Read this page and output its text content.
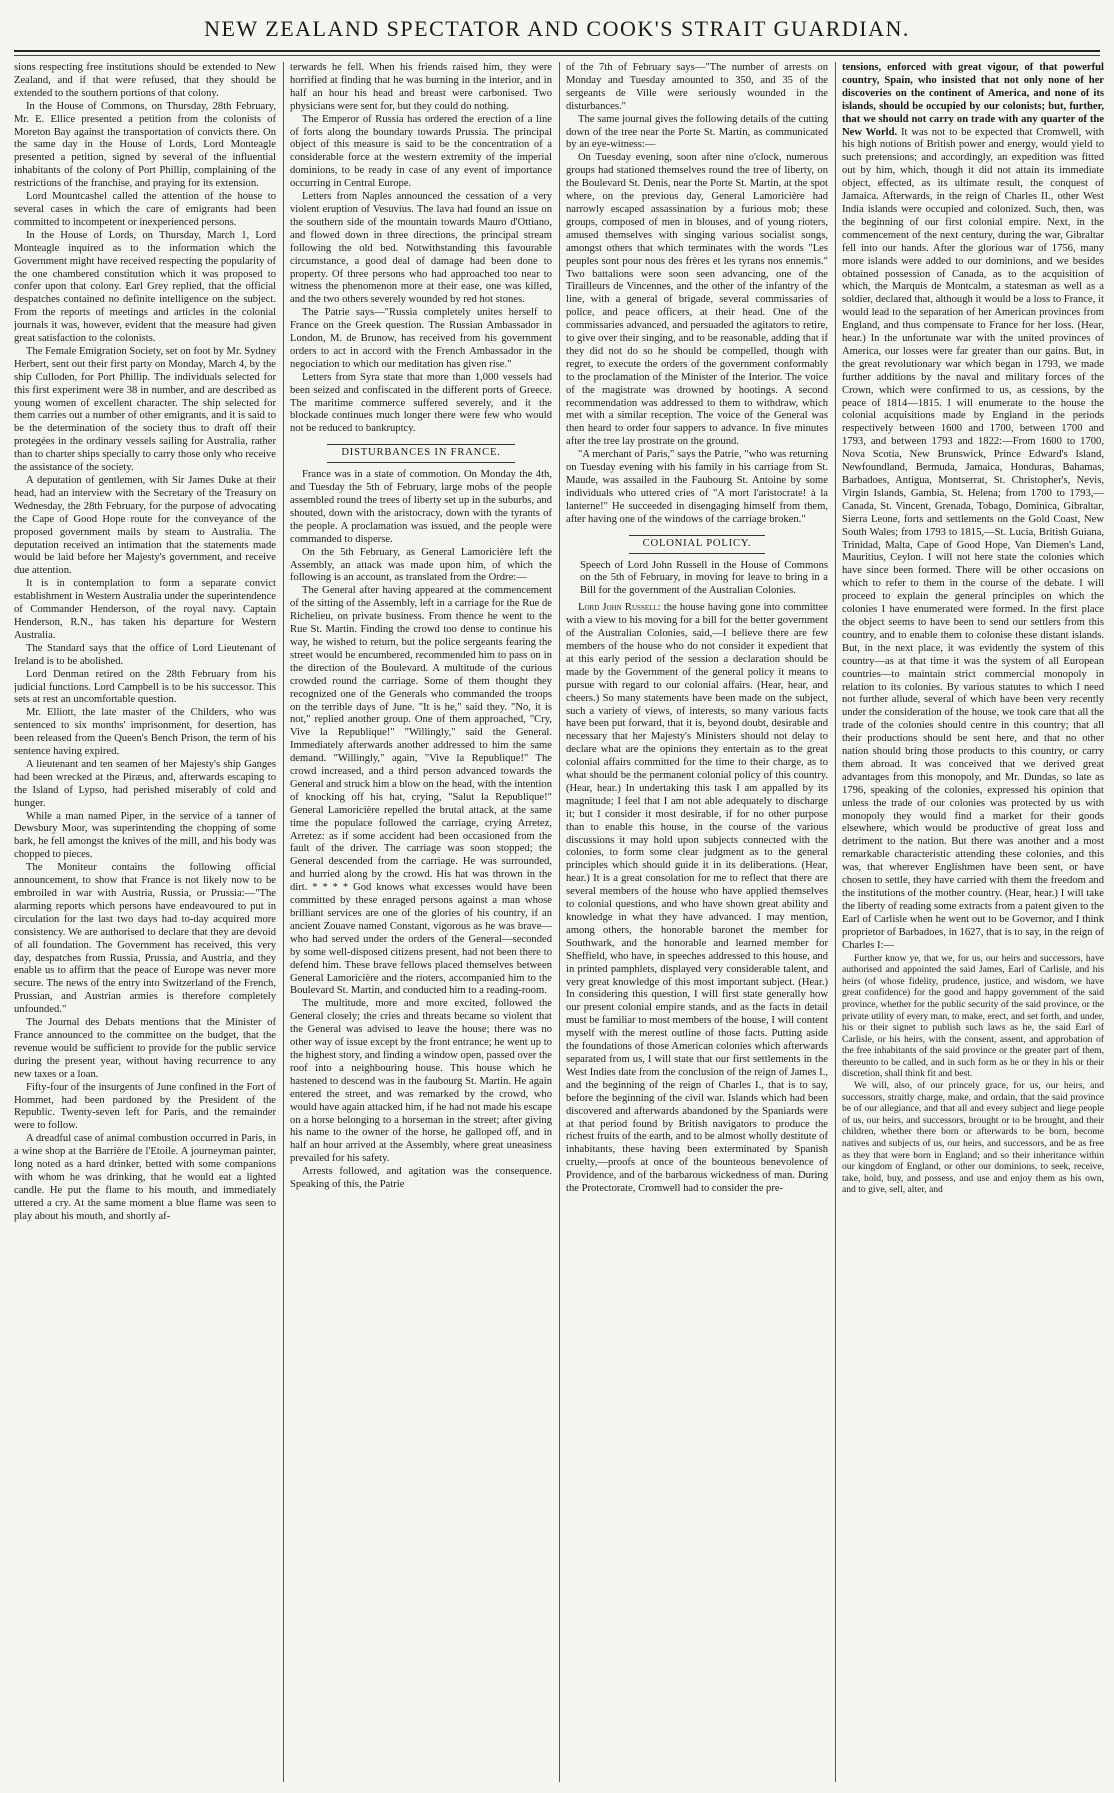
NEW ZEALAND SPECTATOR AND COOK'S STRAIT GUARDIAN.

sions respecting free institutions should be extended to New Zealand, and if that were refused, that they should be extended to the southern portions of that colony.

In the House of Commons, on Thursday, 28th February, Mr. E. Ellice presented a petition from the colonists of Moreton Bay against the transportation of convicts there. On the same day in the House of Lords, Lord Monteagle presented a petition, signed by several of the influential inhabitants of the colony of Port Phillip, complaining of the restrictions of the franchise, and praying for its extension.

Lord Mountcashel called the attention of the house to several cases in which the care of emigrants had been committed to incompetent or inexperienced persons.

In the House of Lords, on Thursday, March 1, Lord Monteagle inquired as to the information which the Government might have received respecting the popularity of the one chambered constitution which it was proposed to confer upon that colony. Earl Grey replied, that the official despatches contained no definite intelligence on the subject. From the reports of meetings and articles in the colonial journals it was, however, evident that the measure had given great satisfaction to the colonists.

The Female Emigration Society, set on foot by Mr. Sydney Herbert, sent out their first party on Monday, March 4, by the ship Culloden, for Port Phillip. The individuals selected for this first experiment were 38 in number, and are described as young women of excellent character. The ship selected for them carries out a number of other emigrants, and it is said to be the determination of the society thus to draft off their protegées in the ordinary vessels sailing for Australia, rather than to charter ships specially to carry those only who receive the assistance of the society.

A deputation of gentlemen, with Sir James Duke at their head, had an interview with the Secretary of the Treasury on Wednesday, the 28th February, for the purpose of advocating the Cape of Good Hope route for the conveyance of the proposed government mails by steam to Australia. The deputation received an intimation that the statements made would be laid before her Majesty's government, and receive due attention.

It is in contemplation to form a separate convict establishment in Western Australia under the superintendence of Commander Henderson, of the royal navy. Captain Henderson, R.N., has taken his departure for Western Australia.

The Standard says that the office of Lord Lieutenant of Ireland is to be abolished.

Lord Denman retired on the 28th February from his judicial functions. Lord Campbell is to be his successor. This sets at rest an uncomfortable question.

Mr. Elliott, the late master of the Childers, who was sentenced to six months' imprisonment, for desertion, has been released from the Queen's Bench Prison, the term of his sentence having expired.

A lieutenant and ten seamen of her Majesty's ship Ganges had been wrecked at the Piræus, and, afterwards escaping to the Island of Lypso, had perished miserably of cold and hunger.

While a man named Piper, in the service of a tanner of Dewsbury Moor, was superintending the chopping of some bark, he fell amongst the knives of the mill, and his body was chopped to pieces.

The Moniteur contains the following official announcement, to show that France is not likely now to be embroiled in war with Austria, Russia, or Prussia:—"The alarming reports which persons have endeavoured to put in circulation for the last two days had to-day acquired more consistency. We are authorised to declare that they are devoid of all foundation. The Government has received, this very day, despatches from Russia, Prussia, and Austria, and they enable us to affirm that the peace of Europe was never more secure. The news of the entry into Switzerland of the French, Prussian, and Austrian armies is therefore completely unfounded."

The Journal des Debats mentions that the Minister of France announced to the committee on the budget, that the revenue would be sufficient to provide for the public service during the present year, without having recurrence to any new taxes or a loan.

Fifty-four of the insurgents of June confined in the Fort of Hommet, had been pardoned by the President of the Republic. Twenty-seven left for Paris, and the remainder were to follow.

A dreadful case of animal combustion occurred in Paris, in a wine shop at the Barrière de l'Etoile. A journeyman painter, long noted as a hard drinker, betted with some companions with whom he was drinking, that he would eat a lighted candle. He put the flame to his mouth, and immediately uttered a cry. At the same moment a blue flame was seen to play about his mouth, and shortly af-

terwards he fell. When his friends raised him, they were horrified at finding that he was burning in the interior, and in half an hour his head and breast were carbonised. Two physicians were sent for, but they could do nothing.

The Emperor of Russia has ordered the erection of a line of forts along the boundary towards Prussia. The principal object of this measure is said to be the concentration of a considerable force at the western extremity of the imperial dominions, to be ready in case of any event of importance occurring in Central Europe.

Letters from Naples announced the cessation of a very violent eruption of Vesuvius. The lava had found an issue on the southern side of the mountain towards Mauro d'Ottiano, and flowed down in three directions, the principal stream following the old bed. Notwithstanding this favourable circumstance, a good deal of damage had been done to property. Of three persons who had approached too near to witness the phenomenon more at their ease, one was killed, and the two others severely wounded by red hot stones.

The Patrie says—"Russia completely unites herself to France on the Greek question. The Russian Ambassador in London, M. de Brunow, has received from his government orders to act in accord with the French Ambassador in the negociation to which our meditation has given rise."

Letters from Syra state that more than 1,000 vessels had been seized and confiscated in the different ports of Greece. The maritime commerce suffered severely, and it the blockade continues much longer there were few who would not be reduced to bankruptcy.

DISTURBANCES IN FRANCE.

France was in a state of commotion. On Monday the 4th, and Tuesday the 5th of February, large mobs of the people assembled round the trees of liberty set up in the suburbs, and shouted, down with the aristocracy, down with the tyrants of the people. A proclamation was issued, and the people were commanded to disperse.

On the 5th February, as General Lamoricière left the Assembly, an attack was made upon him, of which the following is an account, as translated from the Ordre:—

The General after having appeared at the commencement of the sitting of the Assembly, left in a carriage for the Rue de Richelieu, on private business. From thence he went to the Rue St. Martin. Finding the crowd too dense to continue his way, he wished to return, but the police sergeants fearing the street would be encumbered, recommended him to pass on in the direction of the Boulevard. A multitude of the curious crowded round the carriage. Some of them thought they recognized one of the Generals who commanded the troops on the terrible days of June. "It is he," said they. "No, it is not," replied another group. One of them approached, "Cry, Vive la Republique!" "Willingly," said the General. Immediately afterwards another addressed to him the same demand. "Willingly," again, "Vive la Republique!" The crowd increased, and a third person advanced towards the General and struck him a blow on the head, with the intention of knocking off his hat, crying, "Salut la Republique!" General Lamoricière repelled the brutal attack, at the same time the populace followed the carriage, crying Arretez, Arretez: as if some accident had been occasioned from the fault of the driver. The carriage was soon stopped; the General descended from the carriage. He was surrounded, and hurried along by the crowd. His hat was thrown in the dirt. * * * * God knows what excesses would have been committed by these enraged persons against a man whose brilliant services are one of the glories of his country, if an ancient Zouave named Constant, vigorous as he was brave—who had served under the orders of the General—seconded by some well-disposed citizens present, had not been there to defend him. These brave fellows placed themselves between General Lamoricière and the rioters, accompanied him to the Boulevard St. Martin, and conducted him to a reading-room.

The multitude, more and more excited, followed the General closely; the cries and threats became so violent that the General was advised to leave the house; there was no other way of issue except by the front entrance; he went up to the highest story, and finding a window open, passed over the roof into a neighbouring house. This house which he hastened to descend was in the faubourg St. Martin. He again entered the street, and was remarked by the crowd, who would have again attacked him, if he had not made his escape on a horse belonging to a horseman in the street; after giving his name to the owner of the horse, he galloped off, and in half an hour arrived at the Assembly, where great uneasiness prevailed for his safety.

Arrests followed, and agitation was the consequence. Speaking of this, the Patrie

of the 7th of February says—"The number of arrests on Monday and Tuesday amounted to 350, and 35 of the sergeants de Ville were seriously wounded in the disturbances."

The same journal gives the following details of the cutting down of the tree near the Porte St. Martin, as communicated by an eye-witness:—

On Tuesday evening, soon after nine o'clock, numerous groups had stationed themselves round the tree of liberty, on the Boulevard St. Denis, near the Porte St. Martin, at the spot where, on the previous day, General Lamoricière had narrowly escaped assassination by a furious mob; these groups, composed of men in blouses, and of young rioters, amused themselves with singing various socialist songs, amongst others that which terminates with the words "Les peuples sont pour nous des frères et les tyrans nos ennemis." Two battalions were soon seen advancing, one of the Tirailleurs de Vincennes, and the other of the infantry of the line, with a general of brigade, several commissaries of police, and peace officers, at their head. One of the commissaries advanced, and persuaded the agitators to retire, to give over their singing, and to be reasonable, adding that if they did not do so he should be compelled, though with regret, to execute the orders of the government conformably to the proclamation of the Minister of the Interior. The voice of the magistrate was drowned by hootings. A second recommendation was addressed to them to withdraw, which met with a similar reception. The voice of the General was then heard to order four sappers to advance. In five minutes after the tree lay prostrate on the ground.

"A merchant of Paris," says the Patrie, "who was returning on Tuesday evening with his family in his carriage from St. Maude, was assailed in the Faubourg St. Antoine by some individuals who uttered cries of "A mort l'aristocrate! à la lanterne!" He succeeded in disengaging himself from them, after having one of the windows of the carriage broken."

COLONIAL POLICY.

Speech of Lord John Russell in the House of Commons on the 5th of February, in moving for leave to bring in a Bill for the government of the Australian Colonies.

Lord John Russell: the house having gone into committee with a view to his moving for a bill for the better government of the Australian Colonies, said,—I believe there are few members of the house who do not consider it expedient that at this early period of the session a declaration should be made by the Government of the general policy it means to pursue with regard to our colonial affairs. (Hear, hear, and cheers.) So many statements have been made on the subject, such a variety of views, of interests, so many various facts have been put forward, that it is, beyond doubt, desirable and necessary that her Majesty's Ministers should not delay to declare what are the opinions they entertain as to the great colonial affairs committed for the time to their charge, as to what should be the permanent colonial policy of this country. (Hear, hear.) In undertaking this task I am appalled by its magnitude; I feel that I am not able adequately to discharge it; but I consider it most desirable, if for no other purpose than to enable this house, in the course of the various discussions it may hold upon subjects connected with the colonies, to form some clear judgment as to the general principles which should guide it in its deliberations. (Hear, hear.) It is a great consolation for me to reflect that there are several members of the house who have applied themselves to colonial questions, and who have shown great ability and knowledge in what they have advanced. I may mention, among others, the honorable baronet the member for Southwark, and the honorable and learned member for Sheffield, who have, in speeches addressed to this house, and in printed pamphlets, displayed very considerable talent, and very great knowledge of this most important subject. (Hear.) In considering this question, I will first state generally how our present colonial empire stands, and as the facts in detail must be familiar to most members of the house, I will content myself with the merest outline of those facts. Putting aside the foundations of those American colonies which afterwards separated from us, I will state that our first settlements in the West Indies date from the conclusion of the reign of James I., and the beginning of the reign of Charles I., that is to say, before the beginning of the civil war. Islands which had been discovered and afterwards abandoned by the Spaniards were at that period found by British navigators to produce the richest fruits of the earth, and to be almost wholly destitute of inhabitants, these having been exterminated by Spanish cruelty,—proofs at once of the bounteous benevolence of Providence, and of the barbarous wickedness of man. During the Protectorate, Cromwell had to consider the pre-

tensions, enforced with great vigour, of that powerful country, Spain, who insisted that not only none of her discoveries on the continent of America, and none of its islands, should be occupied by our colonists; but, further, that we should not carry on trade with any quarter of the New World. It was not to be expected that Cromwell, with his high notions of British power and energy, would yield to such pretensions; and accordingly, an expedition was fitted out by him, which, though it did not attain its immediate object, effected, as its ultimate result, the conquest of Jamaica. Afterwards, in the reign of Charles II., other West India islands were occupied and colonized. Such, then, was the beginning of our first colonial empire. Next, in the commencement of the next century, during the war, Gibraltar fell into our hands. After the glorious war of 1756, many more islands were added to our dominions, and we besides obtained possession of Canada, as to the acquisition of which, the Marquis de Montcalm, a statesman as well as a soldier, declared that, although it would be a loss to France, it would lead to the separation of her American provinces from England, and thus compensate to France for her loss. (Hear, hear.) In the unfortunate war with the united provinces of America, our losses were far greater than our gains. But, in the great revolutionary war which began in 1793, we made further additions by the naval and military forces of the Crown, which were confirmed to us, as cessions, by the peace of 1814—1815. I will enumerate to the house the colonial acquisitions made by England in the periods respectively between 1600 and 1700, between 1700 and 1793, and between 1793 and 1822:—From 1600 to 1700, Nova Scotia, New Brunswick, Prince Edward's Island, Newfoundland, Bermuda, Jamaica, Honduras, Bahamas, Barbadoes, Antigua, Montserrat, St. Christopher's, Nevis, Virgin Islands, Gambia, St. Helena; from 1700 to 1793,—Canada, St. Vincent, Grenada, Tobago, Dominica, Gibraltar, Sierra Leone, forts and settlements on the Gold Coast, New South Wales; from 1793 to 1815,—St. Lucia, British Guiana, Trinidad, Malta, Cape of Good Hope, Van Diemen's Land, Mauritius, Ceylon. I will not here state the colonies which have since been formed. There will be other occasions on which to refer to them in the course of the debate. I will proceed to explain the general principles on which the colonies I have enumerated were formed. In the first place the object seems to have been to send our settlers from this country, and to enable them to colonise these distant islands. But, in the next place, it was evidently the system of this country—as at that time it was the system of all European countries—to maintain strict commercial monopoly in relation to its colonies. By various statutes to which I need not further allude, several of which have been very recently under the consideration of the house, we took care that all the trade of the colonies should centre in this country; that all their productions should be sent here, and that no other nation should bring those products to this country, or carry them abroad. It was conceived that we derived great advantages from this monopoly, and Mr. Dundas, so late as 1796, speaking of the colonies, expressed his opinion that unless the trade of our colonies was protected by us with monopoly they would find a market for their goods elsewhere, which would be productive of great loss and detriment to the nation. But there was another and a most remarkable characteristic attending these colonies, and this was, that wherever Englishmen have been sent, or have chosen to settle, they have carried with them the freedom and the institutions of the mother country. (Hear, hear.) I will take the liberty of reading some extracts from a patent given to the Earl of Carlisle when he went out to be Governor, and I think proprietor of Barbadoes, in 1627, that is to say, in the reign of Charles I:—

Further know ye, that we, for us, our heirs and successors, have authorised and appointed the said James, Earl of Carlisle, and his heirs (of whose fidelity, prudence, justice, and wisdom, we have great confidence) for the good and happy government of the said province, whether for the public security of the said province, or the private utility of every man, to make, erect, and set forth, and under, his or their signet to publish such laws as he, the said Earl of Carlisle, or his heirs, with the consent, assent, and approbation of the free inhabitants of the said province or the greater part of them, thereunto to be called, and in such form as he or they in his or their discretion, shall think fit and best.

We will, also, of our princely grace, for us, our heirs, and successors, straitly charge, make, and ordain, that the said province be of our allegiance, and that all and every subject and liege people of us, our heirs, and successors, brought or to be brought, and their children, whether there born or afterwards to be born, become natives and subjects of us, our heirs, and successors, and be as free as they that were born in England; and so their inheritance within our kingdom of England, or other our dominions, to seek, receive, take, hold, buy, and possess, and use and enjoy them as his own, and to give, sell, alter, and
